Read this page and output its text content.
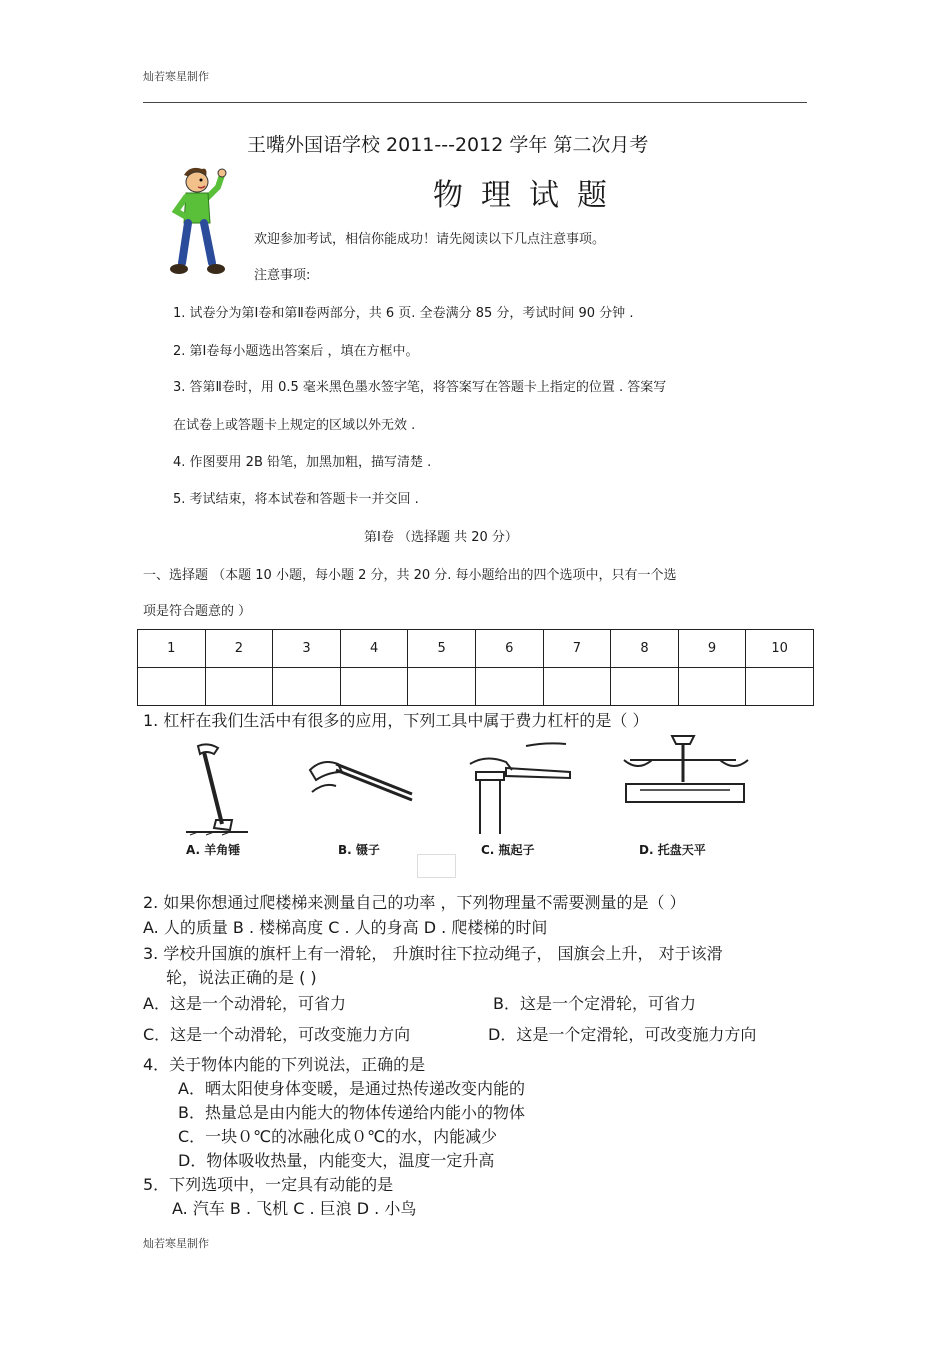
灿若寒星制作
王嘴外国语学校 2011---2012 学年 第二次月考
物理试题
欢迎参加考试，相信你能成功！请先阅读以下几点注意事项。
注意事项:
1. 试卷分为第Ⅰ卷和第Ⅱ卷两部分，共 6 页. 全卷满分 85 分，考试时间 90 分钟 .
2. 第Ⅰ卷每小题选出答案后 ，填在方框中。
3. 答第Ⅱ卷时，用 0.5 毫米黑色墨水签字笔，将答案写在答题卡上指定的位置 . 答案写
在试卷上或答题卡上规定的区域以外无效 .
4. 作图要用 2B 铅笔，加黑加粗，描写清楚 .
5. 考试结束，将本试卷和答题卡一并交回 .
第Ⅰ卷 （选择题 共 20 分）
一、选择题 （本题 10 小题，每小题 2 分，共 20 分. 每小题给出的四个选项中，只有一个选
项是符合题意的 ）
1	2	3	4	5	6	7	8	9	10

1. 杠杆在我们生活中有很多的应用，下列工具中属于费力杠杆的是（ ）
A. 羊角锤	B. 镊子	C. 瓶起子	D. 托盘天平
2. 如果你想通过爬楼梯来测量自己的功率 ，下列物理量不需要测量的是（ ）
A. 人的质量 B . 楼梯高度 C . 人的身高 D . 爬楼梯的时间
3. 学校升国旗的旗杆上有一滑轮， 升旗时往下拉动绳子， 国旗会上升， 对于该滑
轮，说法正确的是 ( )
A．这是一个动滑轮，可省力	B．这是一个定滑轮，可省力
C．这是一个动滑轮，可改变施力方向	D．这是一个定滑轮，可改变施力方向
4．关于物体内能的下列说法，正确的是
A．晒太阳使身体变暖，是通过热传递改变内能的
B．热量总是由内能大的物体传递给内能小的物体
C．一块０℃的冰融化成０℃的水，内能减少
D．物体吸收热量，内能变大，温度一定升高
5．下列选项中，一定具有动能的是
A. 汽车 B . 飞机 C . 巨浪 D . 小鸟
灿若寒星制作
